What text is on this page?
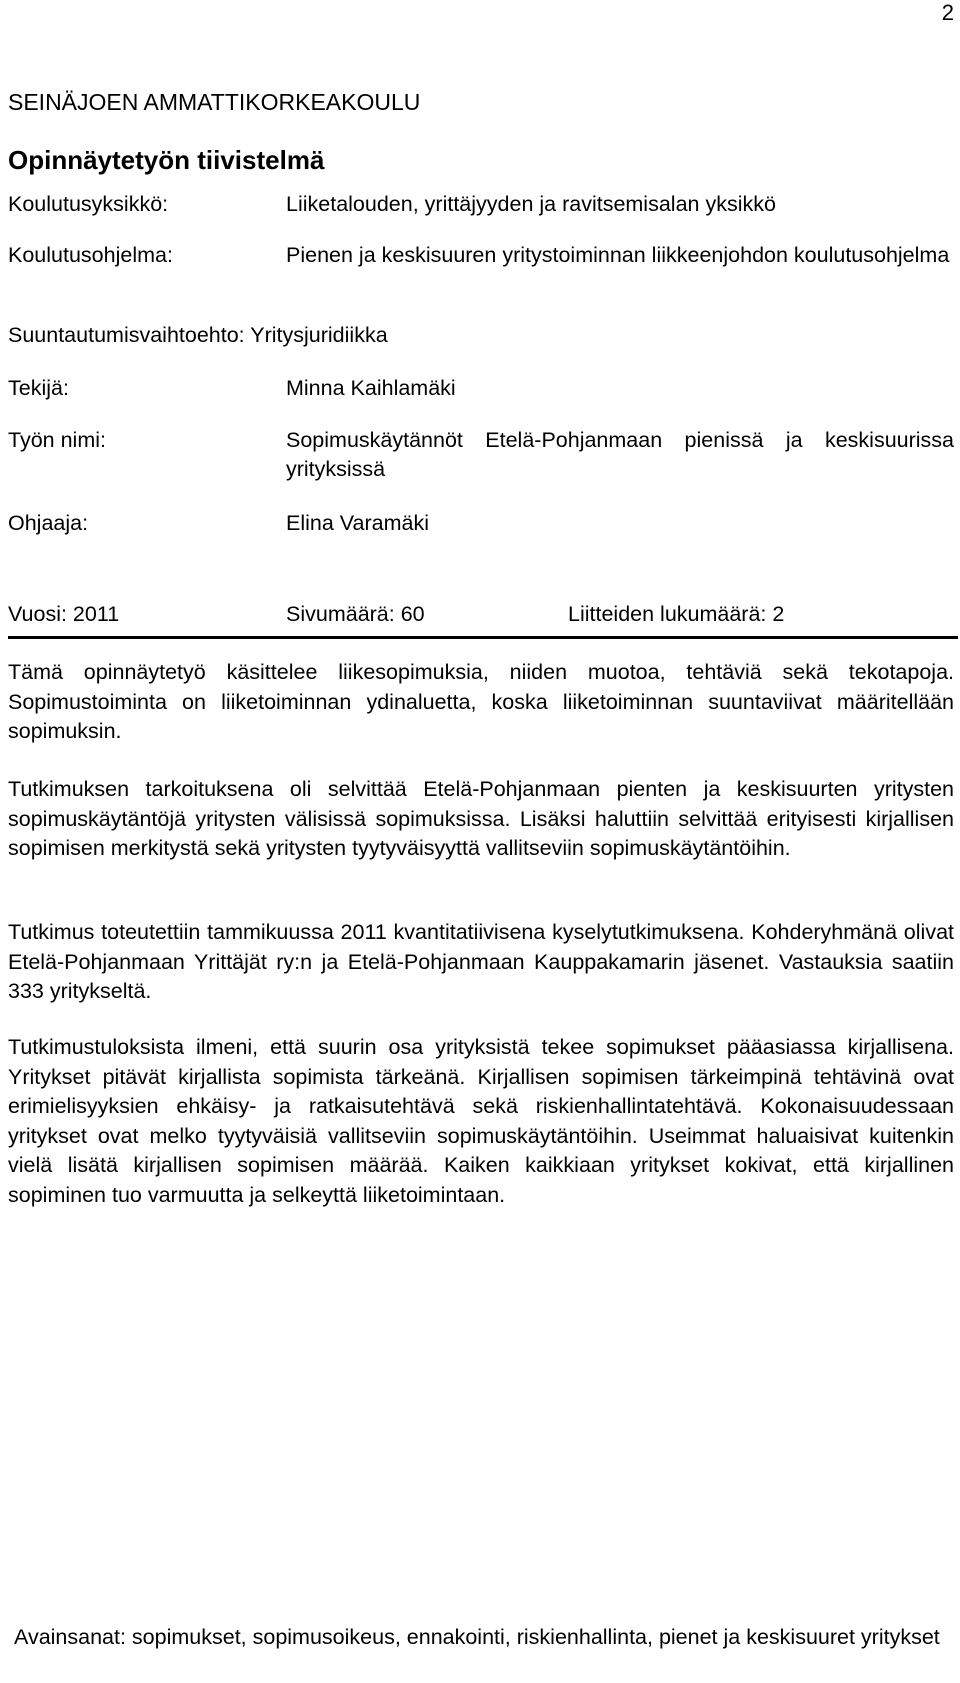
2
SEINÄJOEN AMMATTIKORKEAKOULU
Opinnäytetyön tiivistelmä
Koulutusyksikkö:	Liiketalouden, yrittäjyyden ja ravitsemisalan yksikkö
Koulutusohjelma:	Pienen ja keskisuuren yritystoiminnan liikkeenjohdon koulutusohjelma
Suuntautumisvaihtoehto: Yritysjuridiikka
Tekijä:	Minna Kaihlamäki
Työn nimi:	Sopimuskäytännöt Etelä-Pohjanmaan pienissä ja keskisuurissa yrityksissä
Ohjaaja:	Elina Varamäki
Vuosi: 2011	Sivumäärä: 60	Liitteiden lukumäärä: 2

Tämä opinnäytetyö käsittelee liikesopimuksia, niiden muotoa, tehtäviä sekä tekotapoja. Sopimustoiminta on liiketoiminnan ydinaluetta, koska liiketoiminnan suuntaviivat määritellään sopimuksin.

Tutkimuksen tarkoituksena oli selvittää Etelä-Pohjanmaan pienten ja keskisuurten yritysten sopimuskäytäntöjä yritysten välisissä sopimuksissa. Lisäksi haluttiin selvittää erityisesti kirjallisen sopimisen merkitystä sekä yritysten tyytyväisyyttä vallitseviin sopimuskäytäntöihin.

Tutkimus toteutettiin tammikuussa 2011 kvantitatiivisena kyselytutkimuksena. Kohderyhmänä olivat Etelä-Pohjanmaan Yrittäjät ry:n ja Etelä-Pohjanmaan Kauppakamarin jäsenet. Vastauksia saatiin 333 yritykseltä.

Tutkimustuloksista ilmeni, että suurin osa yrityksistä tekee sopimukset pääasiassa kirjallisena. Yritykset pitävät kirjallista sopimista tärkeänä. Kirjallisen sopimisen tärkeimpinä tehtävinä ovat erimielisyyksien ehkäisy- ja ratkaisutehtävä sekä riskienhallintatehtävä. Kokonaisuudessaan yritykset ovat melko tyytyväisiä vallitseviin sopimuskäytäntöihin. Useimmat haluaisivat kuitenkin vielä lisätä kirjallisen sopimisen määrää. Kaiken kaikkiaan yritykset kokivat, että kirjallinen sopiminen tuo varmuutta ja selkeyttä liiketoimintaan.

Avainsanat: sopimukset, sopimusoikeus, ennakointi, riskienhallinta, pienet ja keskisuuret yritykset
